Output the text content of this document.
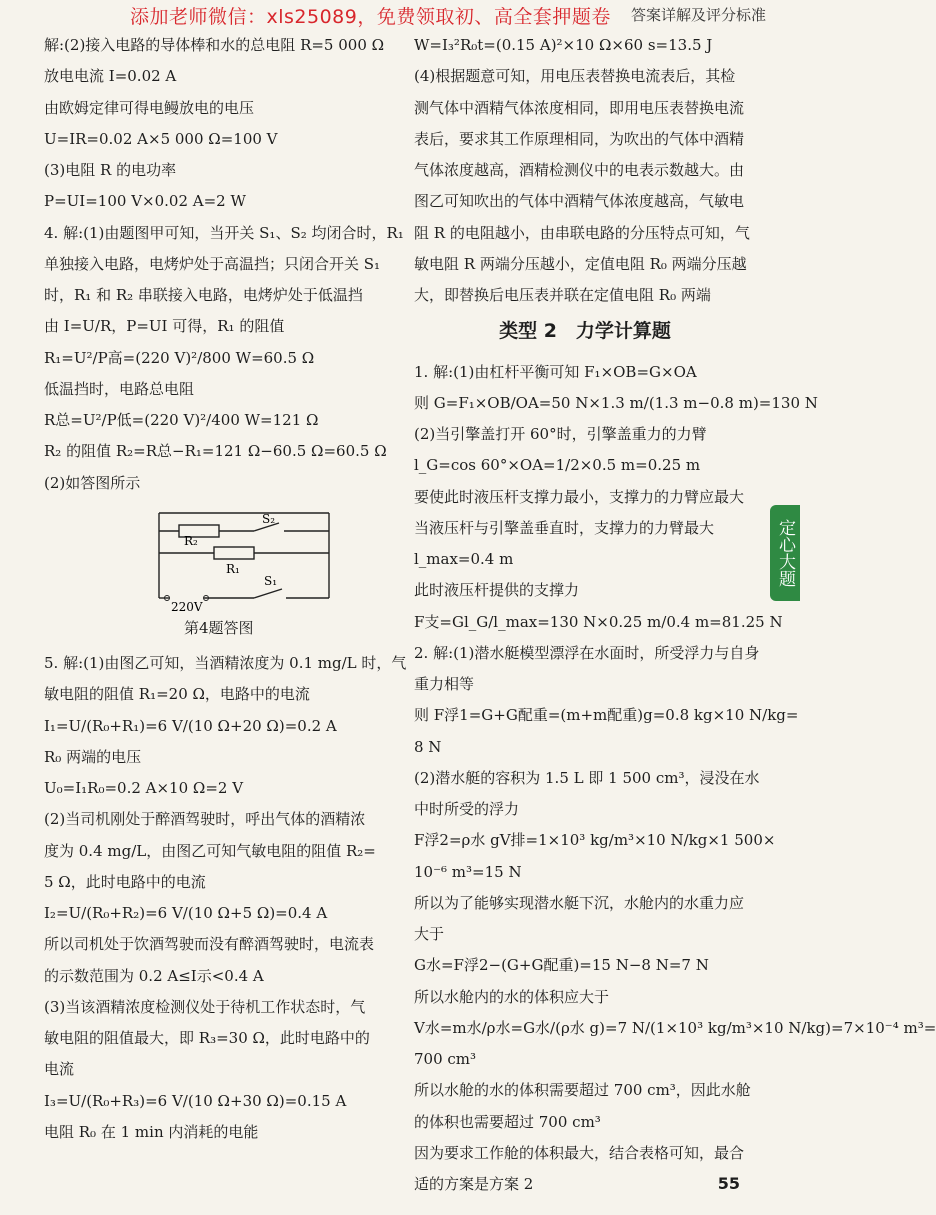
添加老师微信：xls25089，免费领取初、高全套押题卷	答案详解及评分标准
解:(2)接入电路的导体棒和水的总电阻 R=5 000 Ω
放电电流 I=0.02 A
由欧姆定律可得电鳗放电的电压
U=IR=0.02 A×5 000 Ω=100 V
(3)电阻 R 的电功率
P=UI=100 V×0.02 A=2 W
4. 解:(1)由题图甲可知，当开关 S₁、S₂ 均闭合时，R₁
单独接入电路，电烤炉处于高温挡；只闭合开关 S₁
时，R₁ 和 R₂ 串联接入电路，电烤炉处于低温挡
由 I=U/R，P=UI 可得，R₁ 的阻值
R₁=U²/P高=(220 V)²/800 W=60.5 Ω
低温挡时，电路总电阻
R总=U²/P低=(220 V)²/400 W=121 Ω
R₂ 的阻值 R₂=R总−R₁=121 Ω−60.5 Ω=60.5 Ω
(2)如答图所示
R₂
S₂
R₁
S₁
220V
第4题答图
5. 解:(1)由图乙可知，当酒精浓度为 0.1 mg/L 时，气
敏电阻的阻值 R₁=20 Ω，电路中的电流
I₁=U/(R₀+R₁)=6 V/(10 Ω+20 Ω)=0.2 A
R₀ 两端的电压
U₀=I₁R₀=0.2 A×10 Ω=2 V
(2)当司机刚处于醉酒驾驶时，呼出气体的酒精浓
度为 0.4 mg/L，由图乙可知气敏电阻的阻值 R₂=
5 Ω，此时电路中的电流
I₂=U/(R₀+R₂)=6 V/(10 Ω+5 Ω)=0.4 A
所以司机处于饮酒驾驶而没有醉酒驾驶时，电流表
的示数范围为 0.2 A≤I示<0.4 A
(3)当该酒精浓度检测仪处于待机工作状态时，气
敏电阻的阻值最大，即 R₃=30 Ω，此时电路中的
电流
I₃=U/(R₀+R₃)=6 V/(10 Ω+30 Ω)=0.15 A
电阻 R₀ 在 1 min 内消耗的电能
W=I₃²R₀t=(0.15 A)²×10 Ω×60 s=13.5 J
(4)根据题意可知，用电压表替换电流表后，其检
测气体中酒精气体浓度相同，即用电压表替换电流
表后，要求其工作原理相同，为吹出的气体中酒精
气体浓度越高，酒精检测仪中的电表示数越大。由
图乙可知吹出的气体中酒精气体浓度越高，气敏电
阻 R 的电阻越小，由串联电路的分压特点可知，气
敏电阻 R 两端分压越小，定值电阻 R₀ 两端分压越
大，即替换后电压表并联在定值电阻 R₀ 两端
类型 2　力学计算题
1. 解:(1)由杠杆平衡可知 F₁×OB=G×OA
则 G=F₁×OB/OA=50 N×1.3 m/(1.3 m−0.8 m)=130 N
(2)当引擎盖打开 60°时，引擎盖重力的力臂
l_G=cos 60°×OA=1/2×0.5 m=0.25 m
要使此时液压杆支撑力最小，支撑力的力臂应最大
当液压杆与引擎盖垂直时，支撑力的力臂最大
l_max=0.4 m
此时液压杆提供的支撑力
F支=Gl_G/l_max=130 N×0.25 m/0.4 m=81.25 N
2. 解:(1)潜水艇模型漂浮在水面时，所受浮力与自身
重力相等
则 F浮1=G+G配重=(m+m配重)g=0.8 kg×10 N/kg=
8 N
(2)潜水艇的容积为 1.5 L 即 1 500 cm³，浸没在水
中时所受的浮力
F浮2=ρ水 gV排=1×10³ kg/m³×10 N/kg×1 500×
10⁻⁶ m³=15 N
所以为了能够实现潜水艇下沉，水舱内的水重力应
大于
G水=F浮2−(G+G配重)=15 N−8 N=7 N
所以水舱内的水的体积应大于
V水=m水/ρ水=G水/(ρ水 g)=7 N/(1×10³ kg/m³×10 N/kg)=7×10⁻⁴ m³=
700 cm³
所以水舱的水的体积需要超过 700 cm³，因此水舱
的体积也需要超过 700 cm³
因为要求工作舱的体积最大，结合表格可知，最合
适的方案是方案 2
定心大题
55
